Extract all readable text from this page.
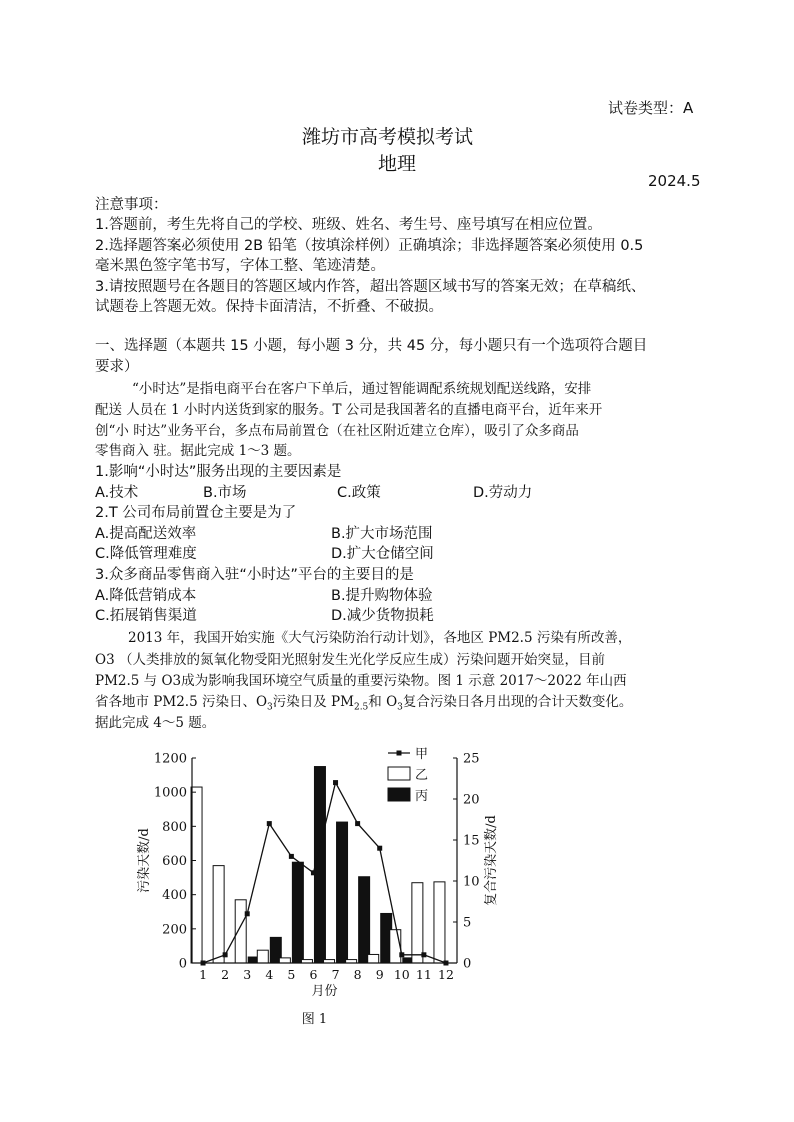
试卷类型：A
潍坊市高考模拟考试
地理
2024.5
注意事项：
1.答题前，考生先将自己的学校、班级、姓名、考生号、座号填写在相应位置。
2.选择题答案必须使用 2B 铅笔（按填涂样例）正确填涂；非选择题答案必须使用 0.5
毫米黑色签字笔书写，字体工整、笔迹清楚。
3.请按照题号在各题目的答题区域内作答，超出答题区域书写的答案无效；在草稿纸、
试题卷上答题无效。保持卡面清洁，不折叠、不破损。
一、选择题（本题共 15 小题，每小题 3 分，共 45 分，每小题只有一个选项符合题目
要求）
“小时达”是指电商平台在客户下单后，通过智能调配系统规划配送线路，安排
配送 人员在 1 小时内送货到家的服务。T 公司是我国著名的直播电商平台，近年来开
创“小 时达”业务平台，多点布局前置仓（在社区附近建立仓库），吸引了众多商品
零售商入 驻。据此完成 1～3 题。
1.影响“小时达”服务出现的主要因素是
A.技术	B.市场	C.政策	D.劳动力
2.T 公司布局前置仓主要是为了
A.提高配送效率	B.扩大市场范围
C.降低管理难度	D.扩大仓储空间
3.众多商品零售商入驻“小时达”平台的主要目的是
A.降低营销成本	B.提升购物体验
C.拓展销售渠道	D.减少货物损耗
2013 年，我国开始实施《大气污染防治行动计划》，各地区 PM2.5 污染有所改善，
O3 （人类排放的氮氧化物受阳光照射发生光化学反应生成）污染问题开始突显，目前
PM2.5 与 O3成为影响我国环境空气质量的重要污染物。图 1 示意 2017～2022 年山西
省各地市 PM2.5 污染日、$O_3$污染日及 $PM_{2.5}$和 $O_3$复合污染日各月出现的合计天数变化。
据此完成 4～5 题。
0
200
400
600
800
1000
1200
0
5
10
15
20
25
1 2 3 4 5 6 7 8 9 10 11 12
月份
污染天数/d	复合污染天数/d
图 1
甲
乙
丙
